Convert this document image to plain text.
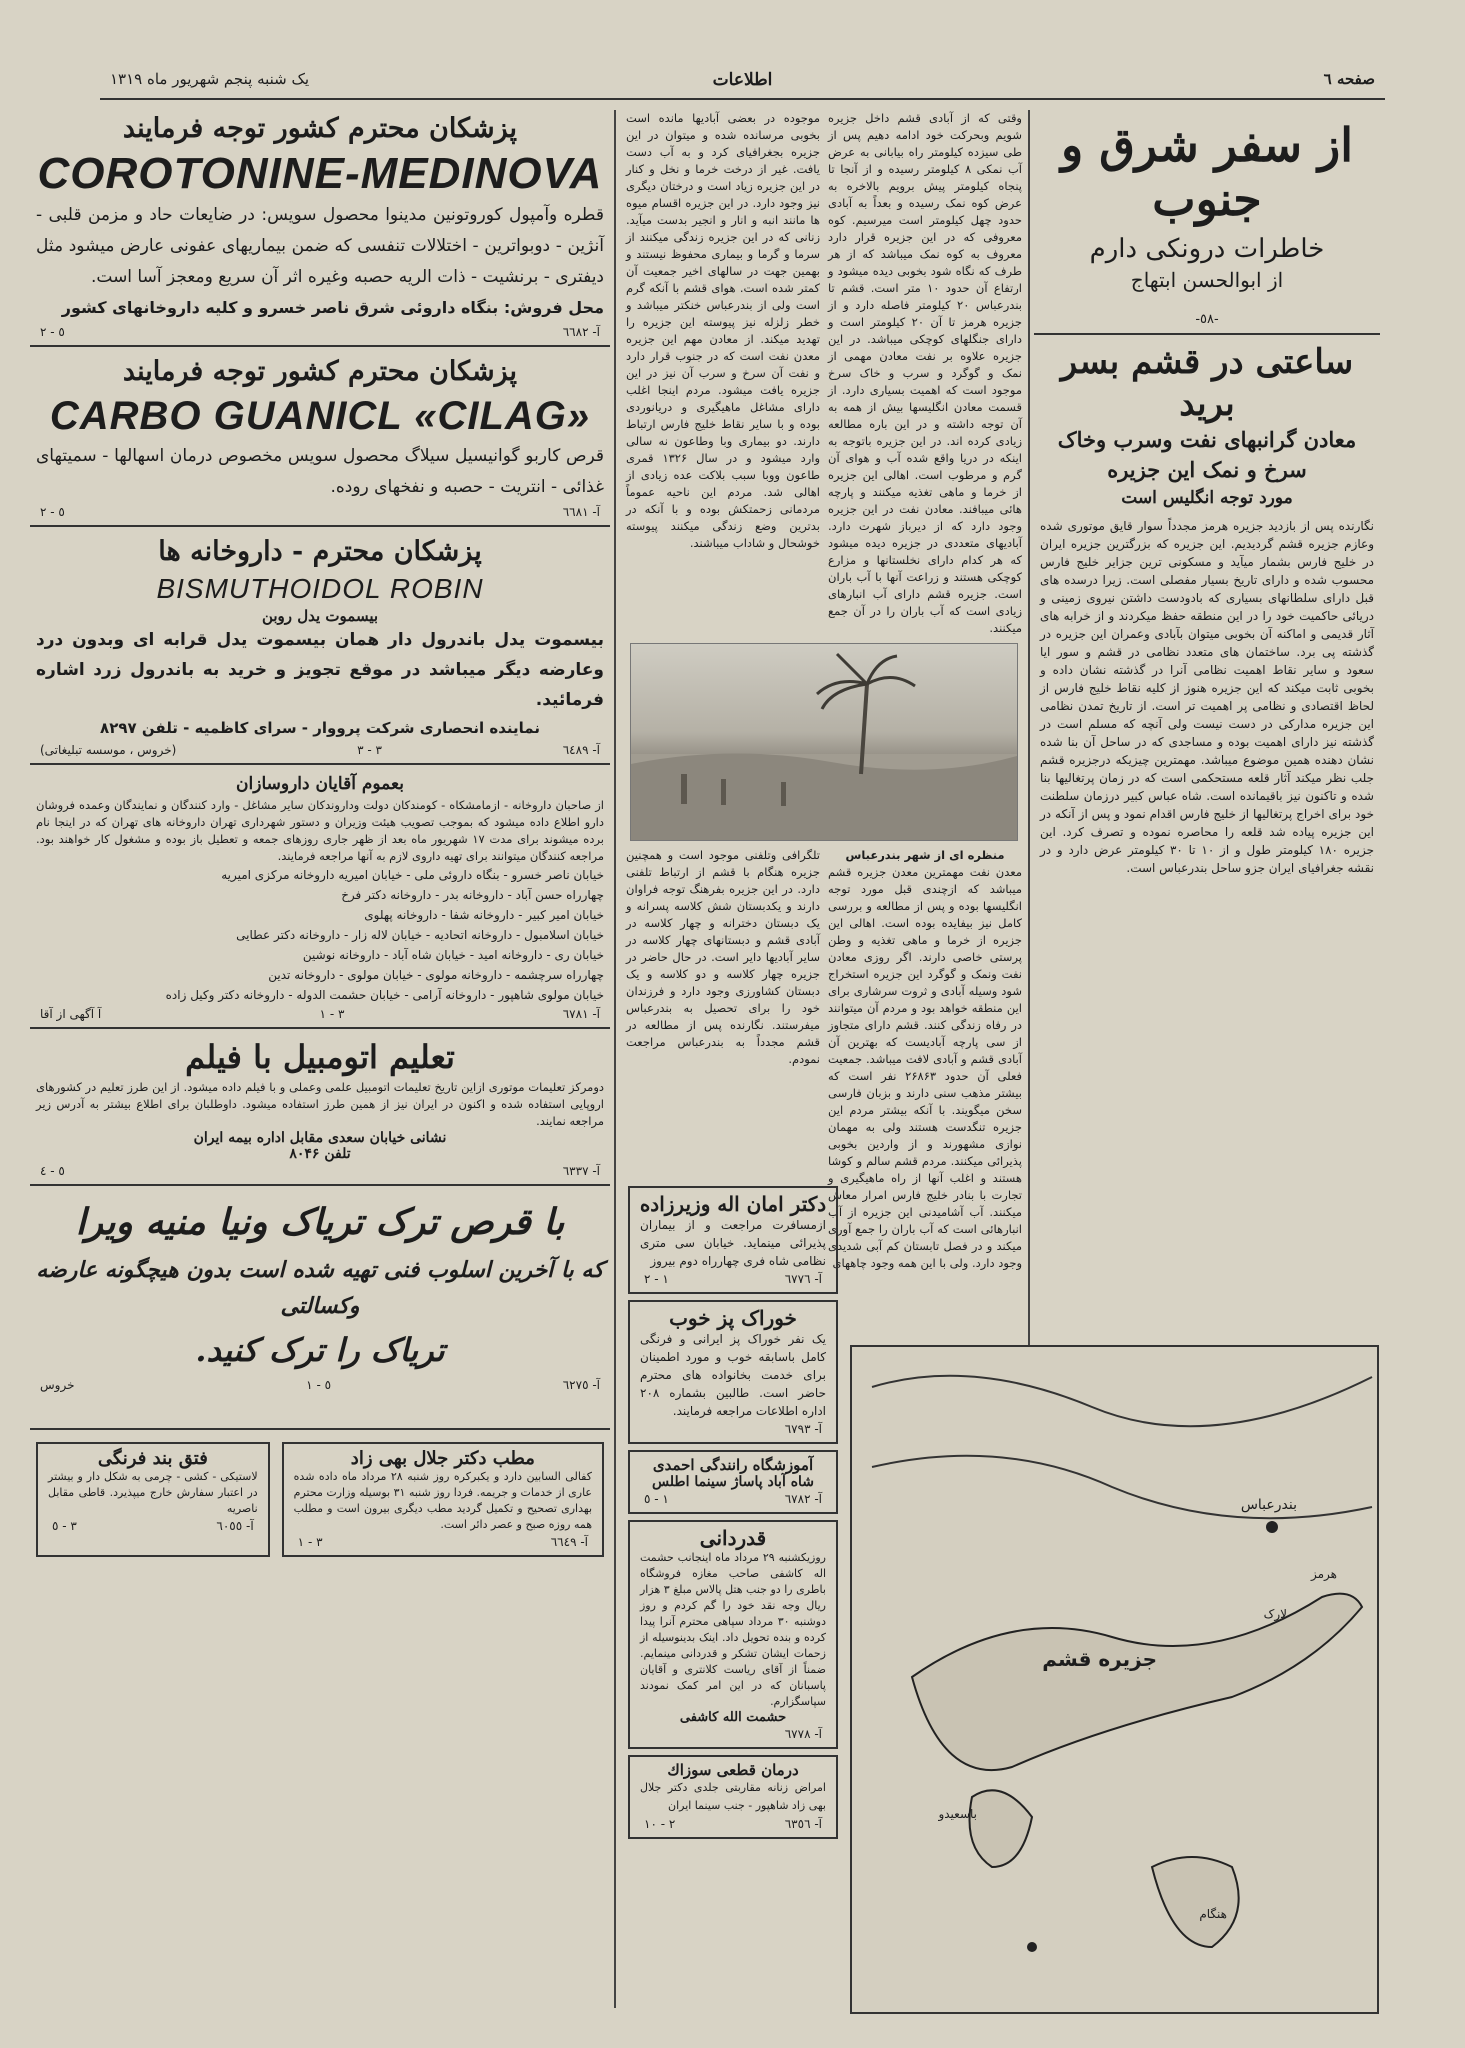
صفحه ٦
اطلاعات
یک شنبه پنجم شهریور ماه ۱۳۱۹
از سفر شرق و جنوب
خاطرات درونکی دارم
از ابوالحسن ابتهاج
-٥٨-
ساعتی در قشم بسر برید
معادن گرانبهای نفت وسرب وخاک
سرخ و نمک این جزیره
مورد توجه انگلیس است
نگارنده پس از بازدید جزیره هرمز مجدداً سوار قایق موتوری شده وعازم جزیره قشم گردیدیم. این جزیره که بزرگترین جزیره ایران در خلیج فارس بشمار میآید و مسکونی ترین جزایر خلیج فارس محسوب شده و دارای تاریخ بسیار مفصلی است. زیرا درسده های قبل دارای سلطانهای بسیاری که بادودست داشتن نیروی زمینی و دریائی حاکمیت خود را در این منطقه حفظ میکردند و از خرابه های آثار قدیمی و اماکنه آن بخوبی میتوان بآبادی وعمران این جزیره در گذشته پی برد. ساختمان های متعدد نظامی در قشم و سور ایا سعود و سایر نقاط اهمیت نظامی آنرا در گذشته نشان داده و بخوبی ثابت میکند که این جزیره هنوز از کلیه نقاط خلیج فارس از لحاظ اقتصادی و نظامی پر اهمیت تر است. از تاریخ تمدن نظامی این جزیره مدارکی در دست نیست ولی آنچه که مسلم است در گذشته نیز دارای اهمیت بوده و مساجدی که در ساحل آن بنا شده نشان دهنده همین موضوع میباشد. مهمترین چیزیکه درجزیره قشم جلب نظر میکند آثار قلعه مستحکمی است که در زمان پرتغالیها بنا شده و تاکنون نیز باقیمانده است. شاه عباس کبیر درزمان سلطنت خود برای اخراج پرتغالیها از خلیج فارس اقدام نمود و پس از آنکه در این جزیره پیاده شد قلعه را محاصره نموده و تصرف کرد. این جزیره ۱۸۰ کیلومتر طول و از ۱۰ تا ۳۰ کیلومتر عرض دارد و در نقشه جغرافیای ایران جزو ساحل بندرعباس است.
وقتی که از آبادی قشم داخل جزیره شویم وبحرکت خود ادامه دهیم پس از طی سیزده کیلومتر راه بیابانی به عرض آب نمکی ۸ کیلومتر رسیده و از آنجا تا پنجاه کیلومتر پیش برویم بالاخره به عرض کوه نمک رسیده و بعداً به آبادی حدود چهل کیلومتر است میرسیم. کوه معروفی که در این جزیره قرار دارد معروف به کوه نمک میباشد که از هر طرف که نگاه شود بخوبی دیده میشود و ارتفاع آن حدود ۱۰ متر است. قشم تا بندرعباس ۲۰ کیلومتر فاصله دارد و از جزیره هرمز تا آن ۲۰ کیلومتر است و دارای جنگلهای کوچکی میباشد. در این جزیره علاوه بر نفت معادن مهمی از نمک و گوگرد و سرب و خاک سرخ موجود است که اهمیت بسیاری دارد. از قسمت معادن انگلیسها بیش از همه به آن توجه داشته و در این باره مطالعه زیادی کرده اند. در این جزیره باتوجه به اینکه در دریا واقع شده آب و هوای آن گرم و مرطوب است. اهالی این جزیره از خرما و ماهی تغذیه میکنند و پارچه هائی میبافند. معادن نفت در این جزیره وجود دارد که از دیرباز شهرت دارد. آبادیهای متعددی در جزیره دیده میشود که هر کدام دارای نخلستانها و مزارع کوچکی هستند و زراعت آنها با آب باران است. جزیره قشم دارای آب انبارهای زیادی است که آب باران را در آن جمع میکنند.
موجوده در بعضی آبادیها مانده است بخوبی مرسانده شده و میتوان در این جزیره بجغرافیای کرد و به آب دست یافت. غیر از درخت خرما و نخل و کنار در این جزیره زیاد است و درختان دیگری نیز وجود دارد. در این جزیره اقسام میوه ها مانند انبه و انار و انجیر بدست میآید. زنانی که در این جزیره زندگی میکنند از سرما و گرما و بیماری محفوظ نیستند و بهمین جهت در سالهای اخیر جمعیت آن کمتر شده است. هوای قشم با آنکه گرم است ولی از بندرعباس خنکتر میباشد و خطر زلزله نیز پیوسته این جزیره را تهدید میکند. از معادن مهم این جزیره معدن نفت است که در جنوب قرار دارد و نفت آن سرخ و سرب آن نیز در این جزیره یافت میشود. مردم اینجا اغلب دارای مشاغل ماهیگیری و دریانوردی بوده و با سایر نقاط خلیج فارس ارتباط دارند. دو بیماری وبا وطاعون نه سالی وارد میشود و در سال ۱۳۲۶ قمری طاعون ووبا سبب بلاکت عده زیادی از اهالی شد. مردم این ناحیه عموماً مردمانی زحمتکش بوده و با آنکه در بدترین وضع زندگی میکنند پیوسته خوشحال و شاداب میباشند.
منظره ای از شهر بندرعباس
معدن نفت مهمترین معدن جزیره قشم میباشد که ازچندی قبل مورد توجه انگلیسها بوده و پس از مطالعه و بررسی کامل نیز بیفایده بوده است. اهالی این جزیره از خرما و ماهی تغذیه و وطن پرستی خاصی دارند. اگر روزی معادن نفت ونمک و گوگرد این جزیره استخراج شود وسیله آبادی و ثروت سرشاری برای این منطقه خواهد بود و مردم آن میتوانند در رفاه زندگی کنند. قشم دارای متجاوز از سی پارچه آبادیست که بهترین آن آبادی قشم و آبادی لافت میباشد. جمعیت فعلی آن حدود ۲۶۸۶۳ نفر است که بیشتر مذهب سنی دارند و بزبان فارسی سخن میگویند. با آنکه بیشتر مردم این جزیره تنگدست هستند ولی به مهمان نوازی مشهورند و از واردین بخوبی پذیرائی میکنند. مردم قشم سالم و کوشا هستند و اغلب آنها از راه ماهیگیری و تجارت با بنادر خلیج فارس امرار معاش میکنند. آب آشامیدنی این جزیره از آب انبارهائی است که آب باران را جمع آوری میکند و در فصل تابستان کم آبی شدیدی وجود دارد. ولی با این همه وجود چاههای
تلگرافی وتلفنی موجود است و همچنین جزیره هنگام با قشم از ارتباط تلفنی دارد. در این جزیره بفرهنگ توجه فراوان دارند و یکدبستان شش کلاسه پسرانه و یک دبستان دخترانه و چهار کلاسه در آبادی قشم و دبستانهای چهار کلاسه در سایر آبادیها دایر است. در حال حاضر در جزیره چهار کلاسه و دو کلاسه و یک دبستان کشاورزی وجود دارد و فرزندان خود را برای تحصیل به بندرعباس میفرستند. نگارنده پس از مطالعه در قشم مجدداً به بندرعباس مراجعت نمودم.
بندرعباس
جزیره قشم
هرمز
لارک
هنگام
باسعیدو
دکتر امان اله وزیرزاده
ازمسافرت مراجعت و از بیماران پذیرائی مینماید. خیابان سی متری نظامی شاه فری چهارراه دوم بیروز
آ- ٦٧٧٦
١ - ٢
خوراک پز خوب
یک نفر خوراک پز ایرانی و فرنگی کامل باسابقه خوب و مورد اطمینان برای خدمت بخانواده های محترم حاضر است. طالبین بشماره ۲۰۸ اداره اطلاعات مراجعه فرمایند.
آ- ٦٧٩٣
آموزشگاه رانندگی احمدی
شاه آباد پاساژ سینما اطلس
آ- ٦٧٨٢
١ - ٥
قدردانی
روزیکشنبه ۲۹ مرداد ماه اینجانب حشمت اله کاشفی صاحب مغازه فروشگاه باطری را دو جنب هتل پالاس مبلغ ۳ هزار ریال وجه نقد خود را گم کردم و روز دوشنبه ۳۰ مرداد سپاهی محترم آنرا پیدا کرده و بنده تحویل داد. اینک بدینوسیله از زحمات ایشان تشکر و قدردانی مینمایم. ضمناً از آقای ریاست کلانتری و آقایان پاسبانان که در این امر کمک نمودند سپاسگزارم.
حشمت الله کاشفی
آ- ٦٧٧٨
درمان قطعی سوزاك
امراض زنانه مقاربتی جلدی دکتر جلال بهی زاد شاهپور - جنب سینما ایران
آ- ٦٣٥٦
٢ - ١٠
پزشکان محترم کشور توجه فرمایند
COROTONINE-MEDINOVA
قطره وآمپول کوروتونین مدینوا محصول سویس: در ضایعات حاد و مزمن قلبی - آنژین - دوبواترین - اختلالات تنفسی که ضمن بیماریهای عفونی عارض میشود مثل دیفتری - برنشیت - ذات الریه حصبه وغیره اثر آن سریع ومعجز آسا است.
محل فروش: بنگاه داروئی شرق ناصر خسرو و کلیه داروخانهای کشور
آ- ٦٦٨٢
٥ - ٢
پزشکان محترم کشور توجه فرمایند
CARBO GUANICL «CILAG»
قرص کاربو گوانیسیل سیلاگ محصول سویس مخصوص درمان اسهالها - سمیتهای غذائی - انتریت - حصبه و نفخهای روده.
آ- ٦٦٨١
٥ - ٢
پزشکان محترم - داروخانه ها
BISMUTHOIDOL ROBIN
بیسموت یدل روبن
بیسموت یدل باندرول دار همان بیسموت یدل قرابه ای وبدون درد وعارضه دیگر میباشد در موقع تجویز و خرید به باندرول زرد اشاره فرمائید.
نماینده انحصاری شرکت پرووار - سرای کاظمیه - تلفن ۸۲۹۷
آ- ٦٤٨٩
٣ - ٣
(خروس ، موسسه تبلیغاتی)
بعموم آقایان داروسازان
از صاحبان داروخانه - ازمامشکاه - کومندکان دولت وداروندکان سایر مشاغل - وارد کنندگان و نمایندگان وعمده فروشان دارو اطلاع داده میشود که بموجب تصویب هیئت وزیران و دستور شهرداری تهران داروخانه های تهران که در اینجا نام برده میشوند برای مدت ۱۷ شهریور ماه بعد از ظهر جاری روزهای جمعه و تعطیل باز بوده و مشغول کار خواهند بود. مراجعه کنندگان میتوانند برای تهیه داروی لازم به آنها مراجعه فرمایند.
خیابان ناصر خسرو - بنگاه داروئی ملی - خیابان امیریه داروخانه مرکزی امیریه
چهارراه حسن آباد - داروخانه بدر - داروخانه دکتر فرخ
خیابان امیر کبیر - داروخانه شفا - داروخانه پهلوی
خیابان اسلامبول - داروخانه اتحادیه - خیابان لاله زار - داروخانه دکتر عطایی
خیابان ری - داروخانه امید - خیابان شاه آباد - داروخانه نوشین
چهارراه سرچشمه - داروخانه مولوی - خیابان مولوی - داروخانه تدین
خیابان مولوی شاهپور - داروخانه آرامی - خیابان حشمت الدوله - داروخانه دکتر وکیل زاده
آ- ٦٧٨١
٣ - ١
آ آگهی از آقا
تعلیم اتومبیل با فیلم
دومرکز تعلیمات موتوری ازاین تاریخ تعلیمات اتومبیل علمی وعملی و با فیلم داده میشود. از این طرز تعلیم در کشورهای اروپایی استفاده شده و اکنون در ایران نیز از همین طرز استفاده میشود. داوطلبان برای اطلاع بیشتر به آدرس زیر مراجعه نمایند.
نشانی خیابان سعدی مقابل اداره بیمه ایران
تلفن ۸۰۴۶
آ- ٦٣٣٧
٥ - ٤
با قرص ترک تریاک ونیا منیه ویرا
که با آخرین اسلوب فنی تهیه شده است بدون هیچگونه عارضه وکسالتی
تریاک را ترک کنید.
آ- ٦٢٧٥
٥ - ١
خروس
مطب دکتر جلال بهی زاد
کفالی السابین دارد و یکبرکره روز شنبه ۲۸ مرداد ماه داده شده عاری از خدمات و جریمه. فردا روز شنبه ۳۱ بوسیله وزارت محترم بهداری تصحیح و تکمیل گردید مطب دیگری بیرون است و مطلب همه روزه صبح و عصر دائر است.
آ- ٦٦٤٩
٣ - ١
فتق بند فرنگی
لاستیکی - کشی - چرمی به شکل دار و بیشتر در اعتبار سفارش خارج میپذیرد. قاطی مقابل ناصریه
آ- ٦٠٥٥
٣ - ٥
